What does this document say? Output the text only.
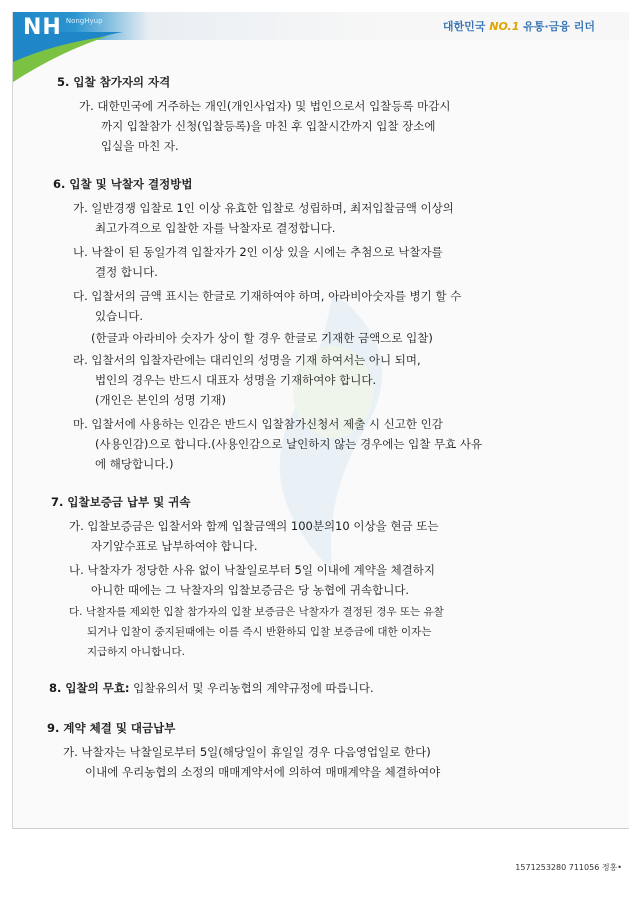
NH NongHyup	대한민국 NO.1 유통·금융 리더
5. 입찰 참가자의 자격
가. 대한민국에 거주하는 개인(개인사업자) 및 법인으로서 입찰등록 마감시
까지 입찰참가 신청(입찰등록)을 마친 후 입찰시간까지 입찰 장소에
입실을 마친 자.
6. 입찰 및 낙찰자 결정방법
가. 일반경쟁 입찰로 1인 이상 유효한 입찰로 성립하며, 최저입찰금액 이상의
최고가격으로 입찰한 자를 낙찰자로 결정합니다.
나. 낙찰이 된 동일가격 입찰자가 2인 이상 있을 시에는 추첨으로 낙찰자를
결정 합니다.
다. 입찰서의 금액 표시는 한글로 기재하여야 하며, 아라비아숫자를 병기 할 수
있습니다.
(한글과 아라비아 숫자가 상이 할 경우 한글로 기재한 금액으로 입찰)
라. 입찰서의 입찰자란에는 대리인의 성명을 기재 하여서는 아니 되며,
법인의 경우는 반드시 대표자 성명을 기재하여야 합니다.
(개인은 본인의 성명 기재)
마. 입찰서에 사용하는 인감은 반드시 입찰참가신청서 제출 시 신고한 인감
(사용인감)으로 합니다.(사용인감으로 날인하지 않는 경우에는 입찰 무효 사유
에 해당합니다.)
7. 입찰보증금 납부 및 귀속
가. 입찰보증금은 입찰서와 함께 입찰금액의 100분의10 이상을 현금 또는
자기앞수표로 납부하여야 합니다.
나. 낙찰자가 정당한 사유 없이 낙찰일로부터 5일 이내에 계약을 체결하지
아니한 때에는 그 낙찰자의 입찰보증금은 당 농협에 귀속합니다.
다. 낙찰자를 제외한 입찰 참가자의 입찰 보증금은 낙찰자가 결정된 경우 또는 유찰
되거나 입찰이 중지된때에는 이를 즉시 반환하되 입찰 보증금에 대한 이자는
지급하지 아니합니다.
8. 입찰의 무효: 입찰유의서 및 우리농협의 계약규정에 따릅니다.
9. 계약 체결 및 대금납부
가. 낙찰자는 낙찰일로부터 5일(해당일이 휴일일 경우 다음영업일로 한다)
이내에 우리농협의 소정의 매매계약서에 의하여 매매계약을 체결하여야
1571253280 711056 정홍•
